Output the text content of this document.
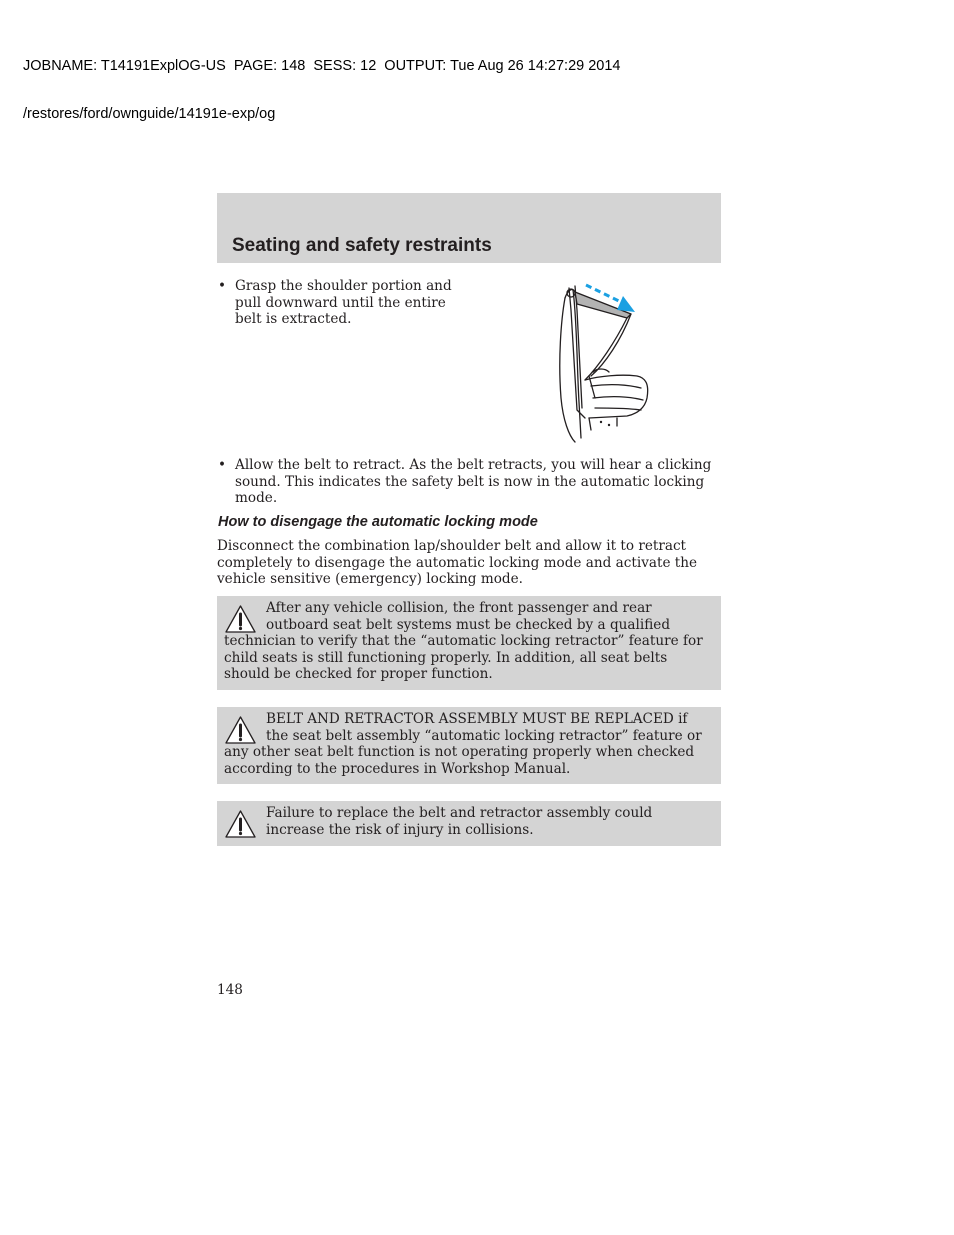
JOBNAME: T14191ExplOG-US  PAGE: 148  SESS: 12  OUTPUT: Tue Aug 26 14:27:29 2014

/restores/ford/ownguide/14191e-exp/og

Seating and safety restraints
• Grasp the shoulder portion and pull downward until the entire belt is extracted.
• Allow the belt to retract. As the belt retracts, you will hear a clicking sound. This indicates the safety belt is now in the automatic locking mode.
How to disengage the automatic locking mode
Disconnect the combination lap/shoulder belt and allow it to retract completely to disengage the automatic locking mode and activate the vehicle sensitive (emergency) locking mode.
After any vehicle collision, the front passenger and rear outboard seat belt systems must be checked by a qualified technician to verify that the “automatic locking retractor” feature for child seats is still functioning properly. In addition, all seat belts should be checked for proper function.
BELT AND RETRACTOR ASSEMBLY MUST BE REPLACED if the seat belt assembly “automatic locking retractor” feature or any other seat belt function is not operating properly when checked according to the procedures in Workshop Manual.
Failure to replace the belt and retractor assembly could increase the risk of injury in collisions.
148
